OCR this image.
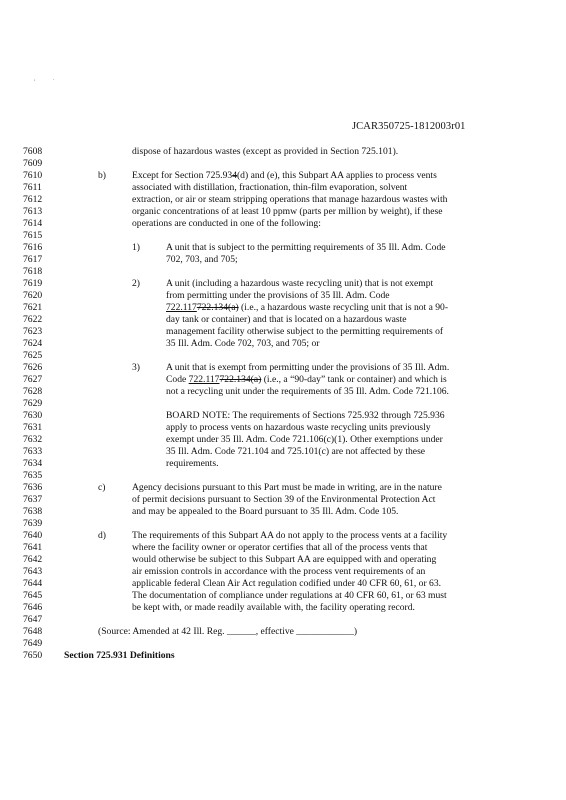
,	.
JCAR350725-1812003r01
7608
7609
7610
7611
7612
7613
7614
7615
7616
7617
7618
7619
7620
7621
7622
7623
7624
7625
7626
7627
7628
7629
7630
7631
7632
7633
7634
7635
7636
7637
7638
7639
7640
7641
7642
7643
7644
7645
7646
7647
7648
7649
7650
dispose of hazardous wastes (except as provided in Section 725.101).
b)	Except for Section 725.934(d) and (e), this Subpart AA applies to process vents
associated with distillation, fractionation, thin-film evaporation, solvent
extraction, or air or steam stripping operations that manage hazardous wastes with
organic concentrations of at least 10 ppmw (parts per million by weight), if these
operations are conducted in one of the following:
1)	A unit that is subject to the permitting requirements of 35 Ill. Adm. Code
702, 703, and 705;
2)	A unit (including a hazardous waste recycling unit) that is not exempt
from permitting under the provisions of 35 Ill. Adm. Code
722.117722.134(a) (i.e., a hazardous waste recycling unit that is not a 90-
day tank or container) and that is located on a hazardous waste
management facility otherwise subject to the permitting requirements of
35 Ill. Adm. Code 702, 703, and 705; or
3)	A unit that is exempt from permitting under the provisions of 35 Ill. Adm.
Code 722.117722.134(a) (i.e., a “90-day” tank or container) and which is
not a recycling unit under the requirements of 35 Ill. Adm. Code 721.106.
BOARD NOTE: The requirements of Sections 725.932 through 725.936
apply to process vents on hazardous waste recycling units previously
exempt under 35 Ill. Adm. Code 721.106(c)(1). Other exemptions under
35 Ill. Adm. Code 721.104 and 725.101(c) are not affected by these
requirements.
c)	Agency decisions pursuant to this Part must be made in writing, are in the nature
of permit decisions pursuant to Section 39 of the Environmental Protection Act
and may be appealed to the Board pursuant to 35 Ill. Adm. Code 105.
d)	The requirements of this Subpart AA do not apply to the process vents at a facility
where the facility owner or operator certifies that all of the process vents that
would otherwise be subject to this Subpart AA are equipped with and operating
air emission controls in accordance with the process vent requirements of an
applicable federal Clean Air Act regulation codified under 40 CFR 60, 61, or 63.
The documentation of compliance under regulations at 40 CFR 60, 61, or 63 must
be kept with, or made readily available with, the facility operating record.
(Source: Amended at 42 Ill. Reg. ______, effective ____________)
Section 725.931 Definitions
